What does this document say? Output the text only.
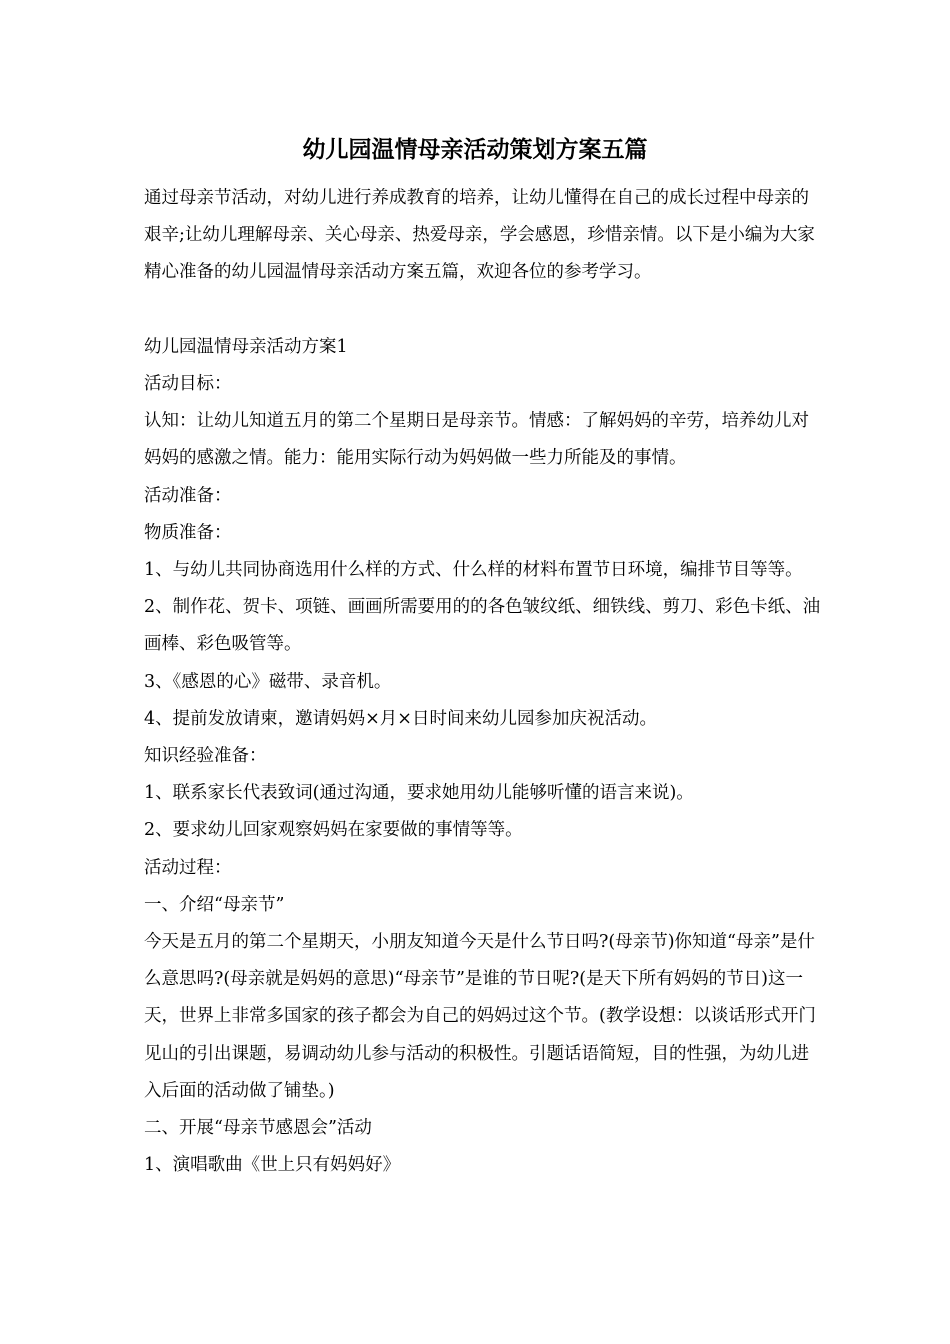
幼儿园温情母亲活动策划方案五篇

通过母亲节活动，对幼儿进行养成教育的培养，让幼儿懂得在自己的成长过程中母亲的艰辛;让幼儿理解母亲、关心母亲、热爱母亲，学会感恩，珍惜亲情。以下是小编为大家精心准备的幼儿园温情母亲活动方案五篇，欢迎各位的参考学习。

幼儿园温情母亲活动方案1

活动目标：

认知：让幼儿知道五月的第二个星期日是母亲节。情感：了解妈妈的辛劳，培养幼儿对妈妈的感激之情。能力：能用实际行动为妈妈做一些力所能及的事情。

活动准备：

物质准备：

1、与幼儿共同协商选用什么样的方式、什么样的材料布置节日环境，编排节目等等。

2、制作花、贺卡、项链、画画所需要用的的各色皱纹纸、细铁线、剪刀、彩色卡纸、油画棒、彩色吸管等。

3、《感恩的心》磁带、录音机。

4、提前发放请柬，邀请妈妈×月×日时间来幼儿园参加庆祝活动。

知识经验准备：

1、联系家长代表致词(通过沟通，要求她用幼儿能够听懂的语言来说)。

2、要求幼儿回家观察妈妈在家要做的事情等等。

活动过程：

一、介绍“母亲节”

今天是五月的第二个星期天，小朋友知道今天是什么节日吗?(母亲节)你知道“母亲”是什么意思吗?(母亲就是妈妈的意思)“母亲节”是谁的节日呢?(是天下所有妈妈的节日)这一天，世界上非常多国家的孩子都会为自己的妈妈过这个节。(教学设想：以谈话形式开门见山的引出课题，易调动幼儿参与活动的积极性。引题话语简短，目的性强，为幼儿进入后面的活动做了铺垫。)

二、开展“母亲节感恩会”活动

1、演唱歌曲《世上只有妈妈好》
